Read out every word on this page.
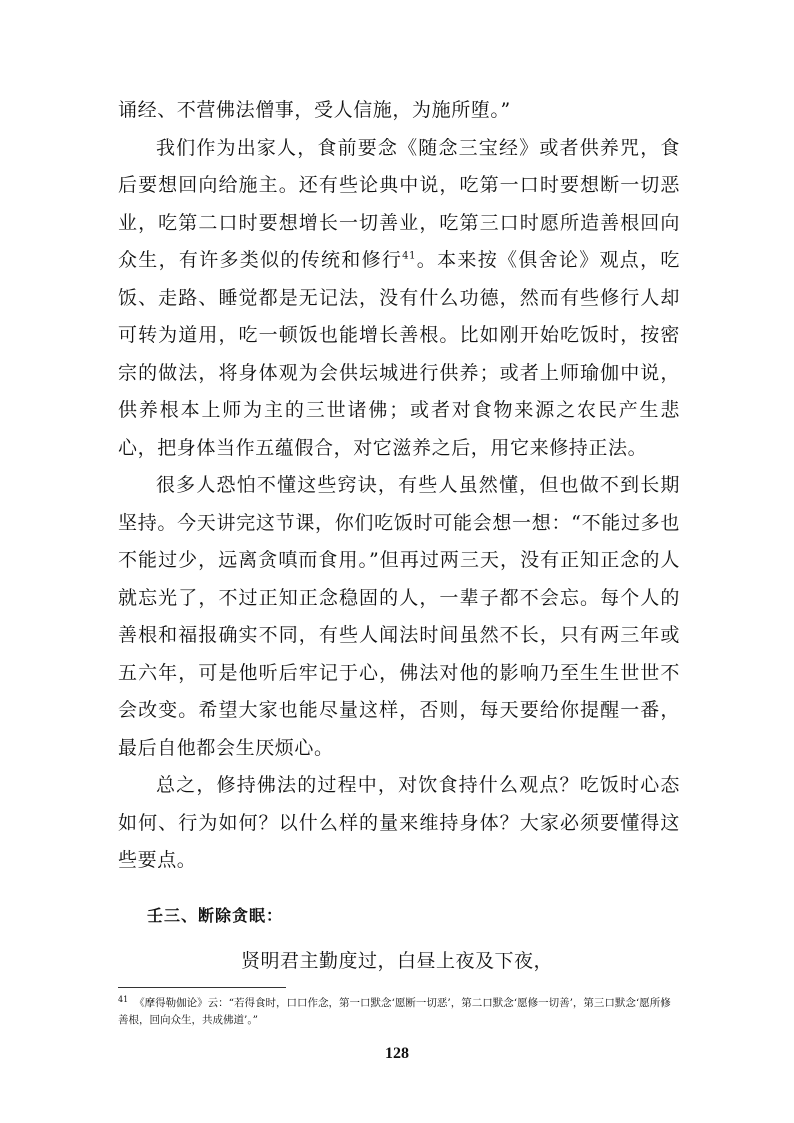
诵经、不营佛法僧事，受人信施，为施所堕。”

我们作为出家人，食前要念《随念三宝经》或者供养咒，食后要想回向给施主。还有些论典中说，吃第一口时要想断一切恶业，吃第二口时要想增长一切善业，吃第三口时愿所造善根回向众生，有许多类似的传统和修行$^{41}$。本来按《俱舍论》观点，吃饭、走路、睡觉都是无记法，没有什么功德，然而有些修行人却可转为道用，吃一顿饭也能增长善根。比如刚开始吃饭时，按密宗的做法，将身体观为会供坛城进行供养；或者上师瑜伽中说，供养根本上师为主的三世诸佛；或者对食物来源之农民产生悲心，把身体当作五蕴假合，对它滋养之后，用它来修持正法。

很多人恐怕不懂这些窍诀，有些人虽然懂，但也做不到长期坚持。今天讲完这节课，你们吃饭时可能会想一想：“不能过多也不能过少，远离贪嗔而食用。”但再过两三天，没有正知正念的人就忘光了，不过正知正念稳固的人，一辈子都不会忘。每个人的善根和福报确实不同，有些人闻法时间虽然不长，只有两三年或五六年，可是他听后牢记于心，佛法对他的影响乃至生生世世不会改变。希望大家也能尽量这样，否则，每天要给你提醒一番，最后自他都会生厌烦心。

总之，修持佛法的过程中，对饮食持什么观点？吃饭时心态如何、行为如何？以什么样的量来维持身体？大家必须要懂得这些要点。

壬三、断除贪眠：
贤明君主勤度过，白昼上夜及下夜，

$^{41}$ 《摩得勒伽论》云：“若得食时，口口作念，第一口默念‘愿断一切恶’，第二口默念‘愿修一切善’，第三口默念‘愿所修善根，回向众生，共成佛道’。”

128
